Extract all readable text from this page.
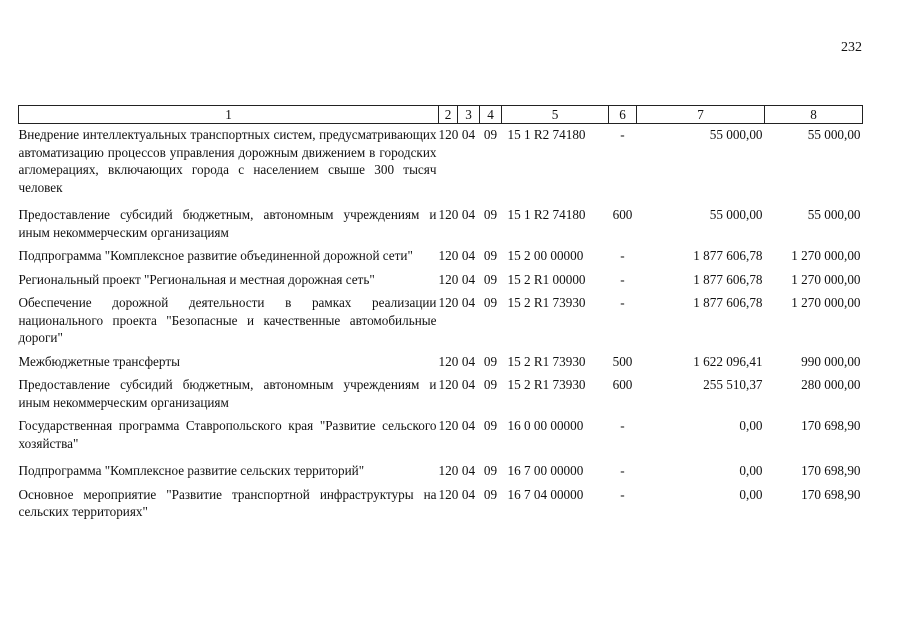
232
1	2	3	4	5	6	7	8
Внедрение интеллектуальных транспортных систем, предусматривающих автоматизацию процессов управления дорожным движением в городских агломерациях, включающих города с населением свыше 300 тысяч человек	120	04	09	15 1 R2 74180	-	55 000,00	55 000,00
Предоставление субсидий бюджетным, автономным учреждениям и иным некоммерческим организациям	120	04	09	15 1 R2 74180	600	55 000,00	55 000,00
Подпрограмма "Комплексное развитие объединенной дорожной сети"	120	04	09	15 2 00 00000	-	1 877 606,78	1 270 000,00
Региональный проект "Региональная и местная дорожная сеть"	120	04	09	15 2 R1 00000	-	1 877 606,78	1 270 000,00
Обеспечение дорожной деятельности в рамках реализации национального проекта "Безопасные и качественные автомобильные дороги"	120	04	09	15 2 R1 73930	-	1 877 606,78	1 270 000,00
Межбюджетные трансферты	120	04	09	15 2 R1 73930	500	1 622 096,41	990 000,00
Предоставление субсидий бюджетным, автономным учреждениям и иным некоммерческим организациям	120	04	09	15 2 R1 73930	600	255 510,37	280 000,00
Государственная программа Ставропольского края "Развитие сельского хозяйства"	120	04	09	16 0 00 00000	-	0,00	170 698,90
Подпрограмма "Комплексное развитие сельских территорий"	120	04	09	16 7 00 00000	-	0,00	170 698,90
Основное мероприятие "Развитие транспортной инфраструктуры на сельских территориях"	120	04	09	16 7 04 00000	-	0,00	170 698,90
